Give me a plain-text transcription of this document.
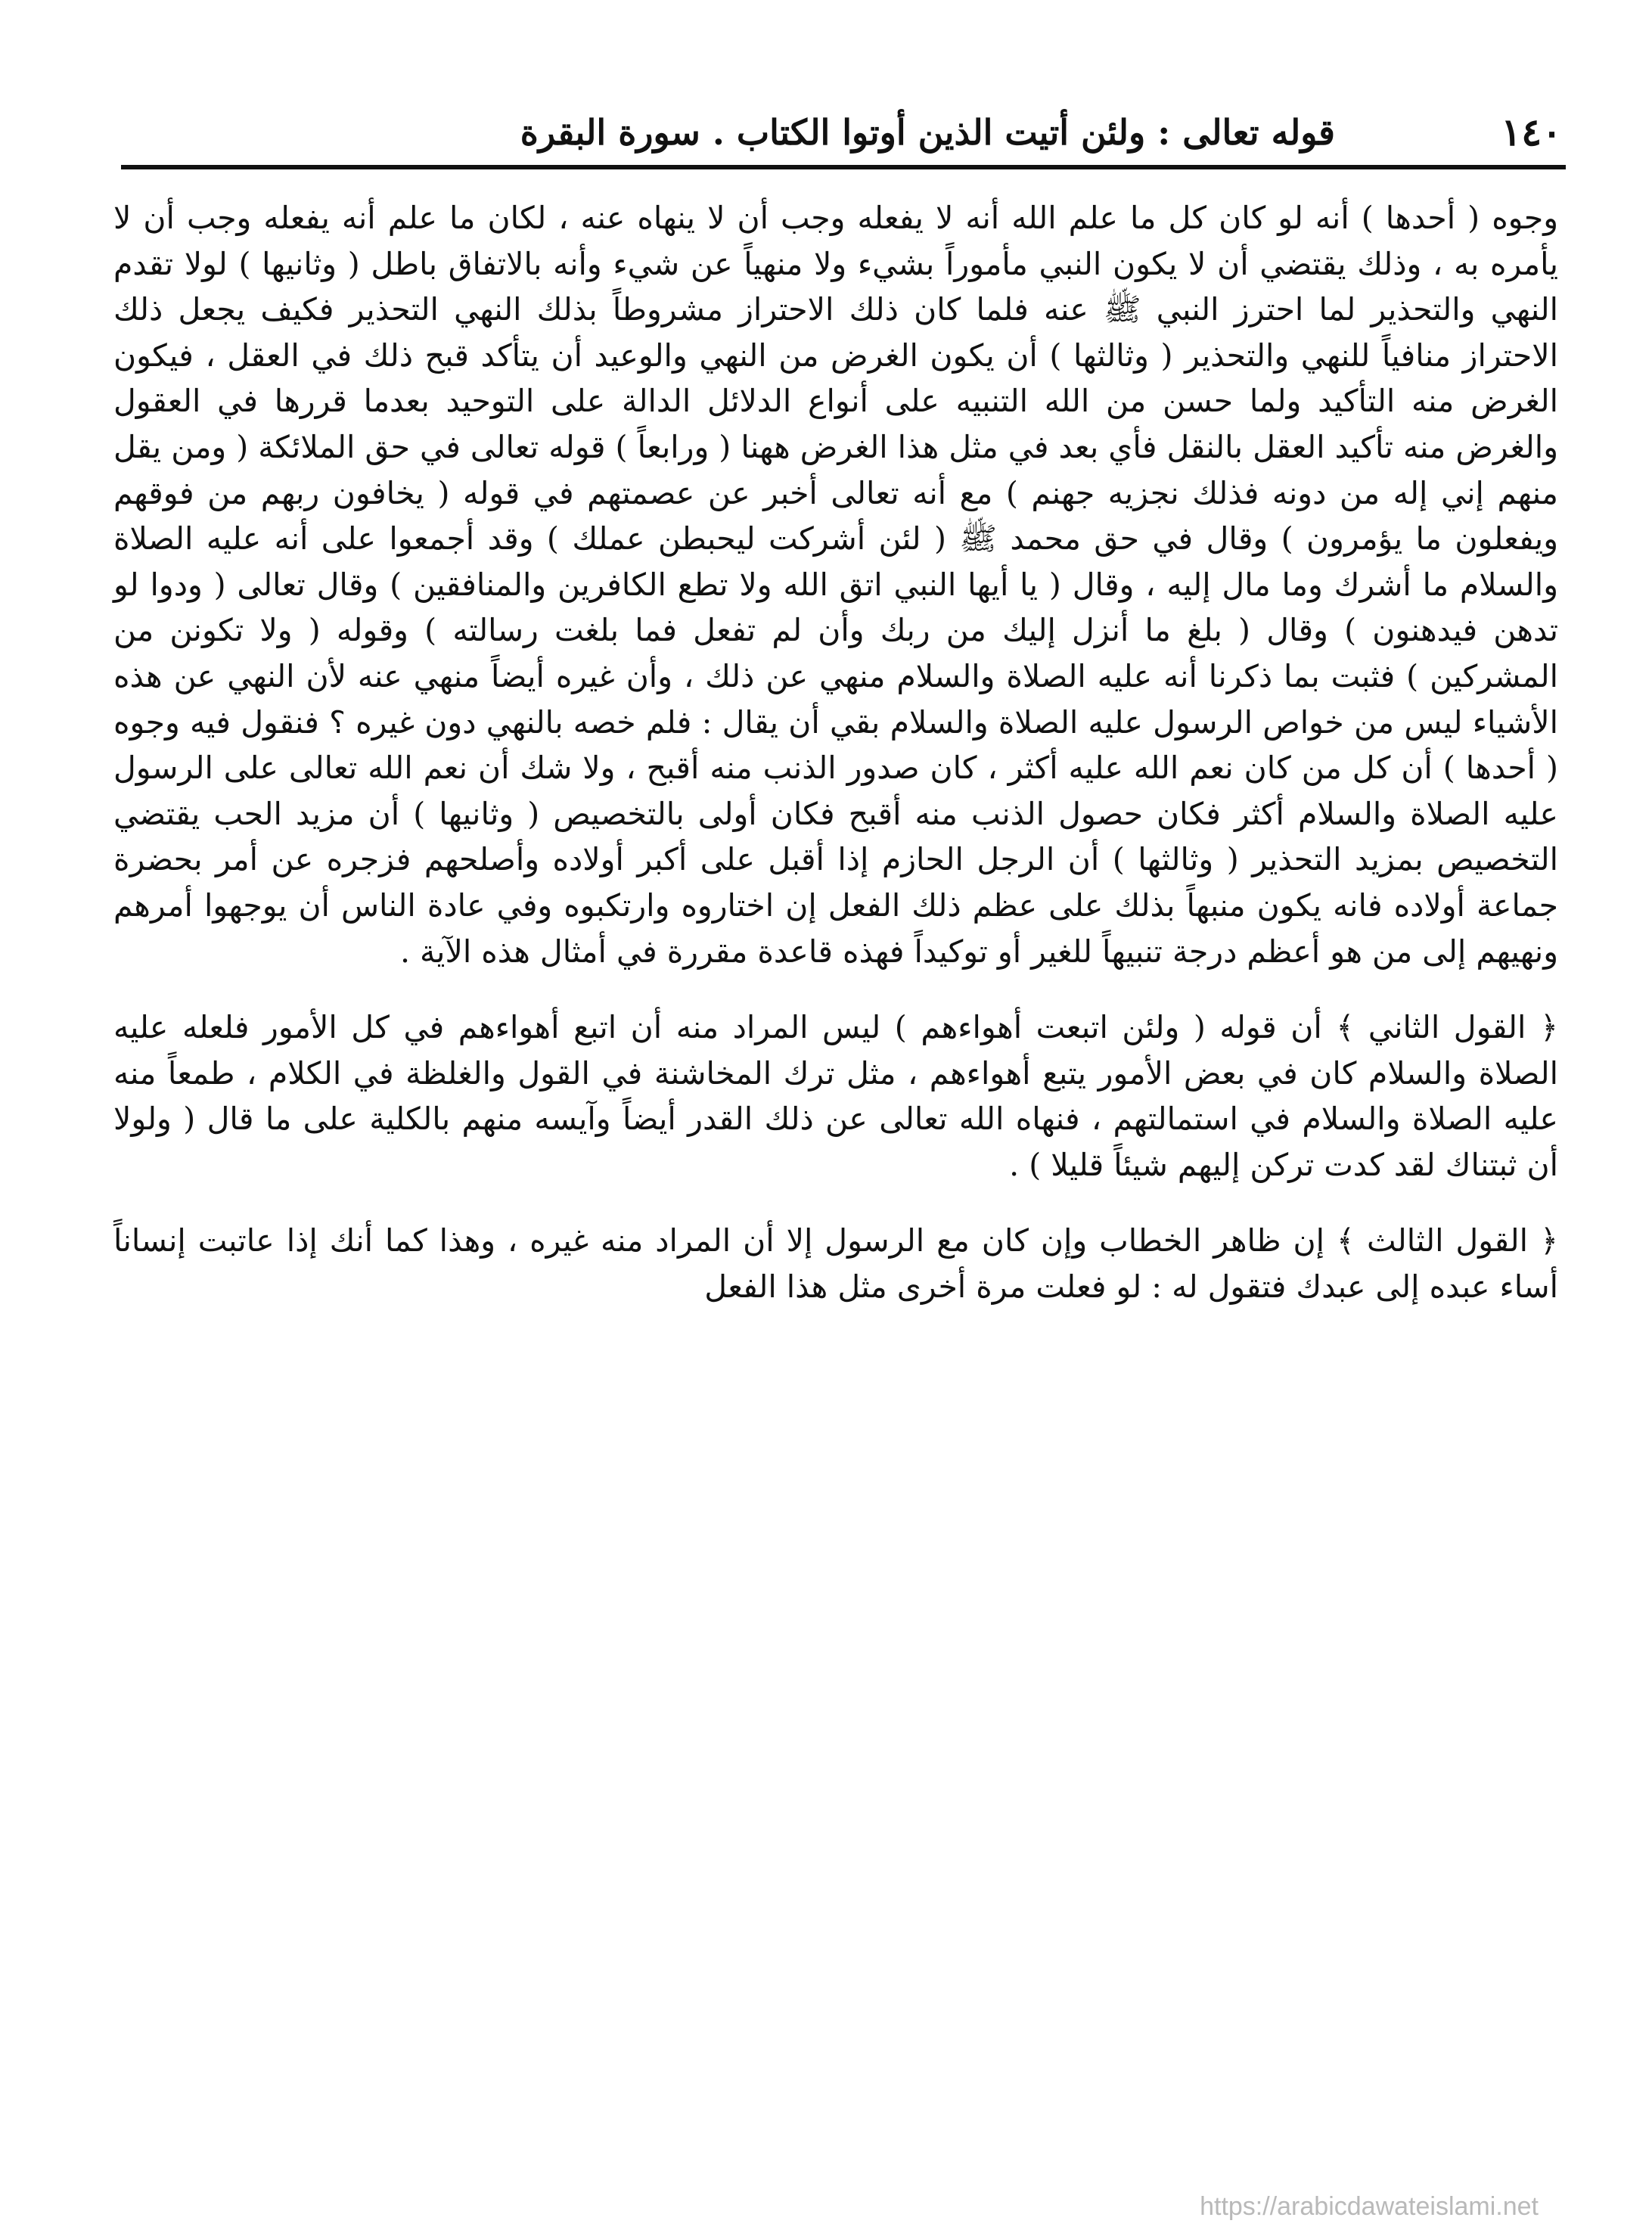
١٤٠
قوله تعالى : ولئن أتيت الذين أوتوا الكتاب . سورة البقرة

وجوه ( أحدها ) أنه لو كان كل ما علم الله أنه لا يفعله وجب أن لا ينهاه عنه ، لكان ما علم أنه يفعله وجب أن لا يأمره به ، وذلك يقتضي أن لا يكون النبي مأموراً بشيء ولا منهياً عن شيء وأنه بالاتفاق باطل ( وثانيها ) لولا تقدم النهي والتحذير لما احترز النبي ﷺ عنه فلما كان ذلك الاحتراز مشروطاً بذلك النهي التحذير فكيف يجعل ذلك الاحتراز منافياً للنهي والتحذير ( وثالثها ) أن يكون الغرض من النهي والوعيد أن يتأكد قبح ذلك في العقل ، فيكون الغرض منه التأكيد ولما حسن من الله التنبيه على أنواع الدلائل الدالة على التوحيد بعدما قررها في العقول والغرض منه تأكيد العقل بالنقل فأي بعد في مثل هذا الغرض ههنا ( ورابعاً ) قوله تعالى في حق الملائكة ( ومن يقل منهم إني إله من دونه فذلك نجزيه جهنم ) مع أنه تعالى أخبر عن عصمتهم في قوله ( يخافون ربهم من فوقهم ويفعلون ما يؤمرون ) وقال في حق محمد ﷺ ( لئن أشركت ليحبطن عملك ) وقد أجمعوا على أنه عليه الصلاة والسلام ما أشرك وما مال إليه ، وقال ( يا أيها النبي اتق الله ولا تطع الكافرين والمنافقين ) وقال تعالى ( ودوا لو تدهن فيدهنون ) وقال ( بلغ ما أنزل إليك من ربك وأن لم تفعل فما بلغت رسالته ) وقوله ( ولا تكونن من المشركين ) فثبت بما ذكرنا أنه عليه الصلاة والسلام منهي عن ذلك ، وأن غيره أيضاً منهي عنه لأن النهي عن هذه الأشياء ليس من خواص الرسول عليه الصلاة والسلام بقي أن يقال : فلم خصه بالنهي دون غيره ؟ فنقول فيه وجوه ( أحدها ) أن كل من كان نعم الله عليه أكثر ، كان صدور الذنب منه أقبح ، ولا شك أن نعم الله تعالى على الرسول عليه الصلاة والسلام أكثر فكان حصول الذنب منه أقبح فكان أولى بالتخصيص ( وثانيها ) أن مزيد الحب يقتضي التخصيص بمزيد التحذير ( وثالثها ) أن الرجل الحازم إذا أقبل على أكبر أولاده وأصلحهم فزجره عن أمر بحضرة جماعة أولاده فانه يكون منبهاً بذلك على عظم ذلك الفعل إن اختاروه وارتكبوه وفي عادة الناس أن يوجهوا أمرهم ونهيهم إلى من هو أعظم درجة تنبيهاً للغير أو توكيداً فهذه قاعدة مقررة في أمثال هذه الآية .

﴿ القول الثاني ﴾ أن قوله ( ولئن اتبعت أهواءهم ) ليس المراد منه أن اتبع أهواءهم في كل الأمور فلعله عليه الصلاة والسلام كان في بعض الأمور يتبع أهواءهم ، مثل ترك المخاشنة في القول والغلظة في الكلام ، طمعاً منه عليه الصلاة والسلام في استمالتهم ، فنهاه الله تعالى عن ذلك القدر أيضاً وآيسه منهم بالكلية على ما قال ( ولولا أن ثبتناك لقد كدت تركن إليهم شيئاً قليلا ) .

﴿ القول الثالث ﴾ إن ظاهر الخطاب وإن كان مع الرسول إلا أن المراد منه غيره ، وهذا كما أنك إذا عاتبت إنساناً أساء عبده إلى عبدك فتقول له : لو فعلت مرة أخرى مثل هذا الفعل

https://arabicdawateislami.net
